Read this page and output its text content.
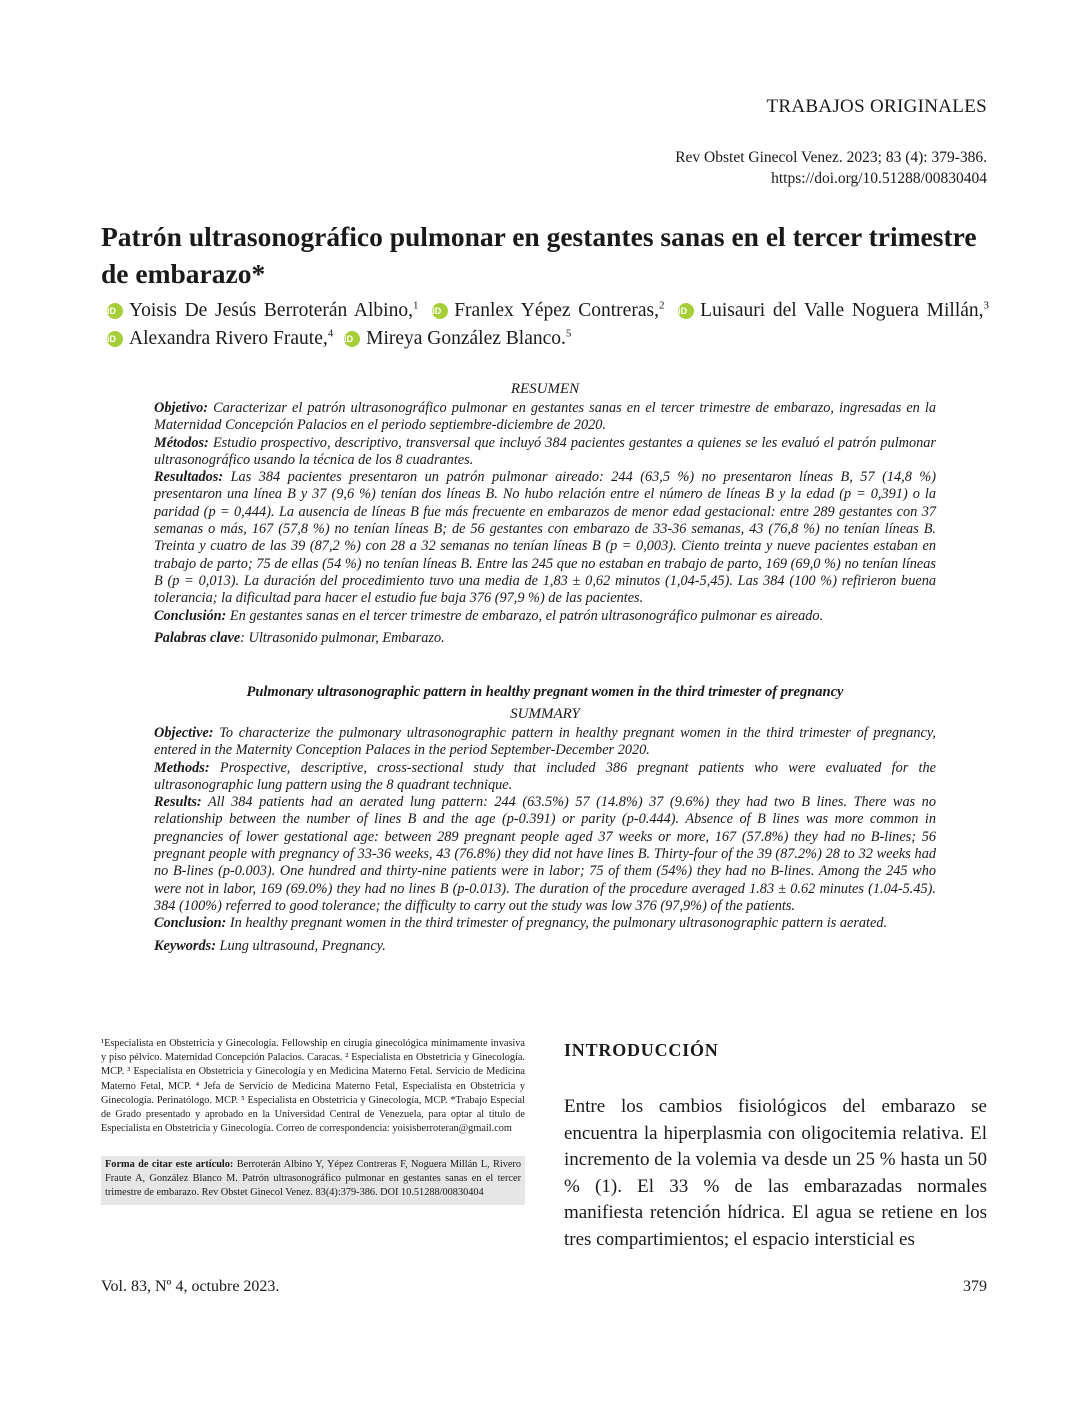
TRABAJOS ORIGINALES
Rev Obstet Ginecol Venez. 2023; 83 (4): 379-386.
https://doi.org/10.51288/00830404
Patrón ultrasonográfico pulmonar en gestantes sanas en el tercer trimestre de embarazo*
iD Yoisis De Jesús Berroterán Albino,$^1$ iD Franlex Yépez Contreras,$^2$ iD Luisauri del Valle Noguera Millán,$^3$ iD Alexandra Rivero Fraute,$^4$ iD Mireya González Blanco.$^5$
RESUMEN

Objetivo: Caracterizar el patrón ultrasonográfico pulmonar en gestantes sanas en el tercer trimestre de embarazo, ingresadas en la Maternidad Concepción Palacios en el periodo septiembre-diciembre de 2020.

Métodos: Estudio prospectivo, descriptivo, transversal que incluyó 384 pacientes gestantes a quienes se les evaluó el patrón pulmonar ultrasonográfico usando la técnica de los 8 cuadrantes.

Resultados: Las 384 pacientes presentaron un patrón pulmonar aireado: 244 (63,5 %) no presentaron líneas B, 57 (14,8 %) presentaron una línea B y 37 (9,6 %) tenían dos líneas B. No hubo relación entre el número de líneas B y la edad (p = 0,391) o la paridad (p = 0,444). La ausencia de líneas B fue más frecuente en embarazos de menor edad gestacional: entre 289 gestantes con 37 semanas o más, 167 (57,8 %) no tenían líneas B; de 56 gestantes con embarazo de 33-36 semanas, 43 (76,8 %) no tenían líneas B. Treinta y cuatro de las 39 (87,2 %) con 28 a 32 semanas no tenían líneas B (p = 0,003). Ciento treinta y nueve pacientes estaban en trabajo de parto; 75 de ellas (54 %) no tenían líneas B. Entre las 245 que no estaban en trabajo de parto, 169 (69,0 %) no tenían líneas B (p = 0,013). La duración del procedimiento tuvo una media de 1,83 ± 0,62 minutos (1,04-5,45). Las 384 (100 %) refirieron buena tolerancia; la dificultad para hacer el estudio fue baja 376 (97,9 %) de las pacientes.

Conclusión: En gestantes sanas en el tercer trimestre de embarazo, el patrón ultrasonográfico pulmonar es aireado.

Palabras clave: Ultrasonido pulmonar, Embarazo.

Pulmonary ultrasonographic pattern in healthy pregnant women in the third trimester of pregnancy
SUMMARY

Objective: To characterize the pulmonary ultrasonographic pattern in healthy pregnant women in the third trimester of pregnancy, entered in the Maternity Conception Palaces in the period September-December 2020.

Methods: Prospective, descriptive, cross-sectional study that included 386 pregnant patients who were evaluated for the ultrasonographic lung pattern using the 8 quadrant technique.

Results: All 384 patients had an aerated lung pattern: 244 (63.5%) 57 (14.8%) 37 (9.6%) they had two B lines. There was no relationship between the number of lines B and the age (p-0.391) or parity (p-0.444). Absence of B lines was more common in pregnancies of lower gestational age: between 289 pregnant people aged 37 weeks or more, 167 (57.8%) they had no B-lines; 56 pregnant people with pregnancy of 33-36 weeks, 43 (76.8%) they did not have lines B. Thirty-four of the 39 (87.2%) 28 to 32 weeks had no B-lines (p-0.003). One hundred and thirty-nine patients were in labor; 75 of them (54%) they had no B-lines. Among the 245 who were not in labor, 169 (69.0%) they had no lines B (p-0.013). The duration of the procedure averaged 1.83 ± 0.62 minutes (1.04-5.45). 384 (100%) referred to good tolerance; the difficulty to carry out the study was low 376 (97,9%) of the patients.

Conclusion: In healthy pregnant women in the third trimester of pregnancy, the pulmonary ultrasonographic pattern is aerated.

Keywords: Lung ultrasound, Pregnancy.

¹Especialista en Obstetricia y Ginecología. Fellowship en cirugía ginecológica mínimamente invasiva y piso pélvico. Maternidad Concepción Palacios. Caracas. ² Especialista en Obstetricia y Ginecología. MCP. ³ Especialista en Obstetricia y Ginecología y en Medicina Materno Fetal. Servicio de Medicina Materno Fetal, MCP. ⁴ Jefa de Servicio de Medicina Materno Fetal, Especialista en Obstetricia y Ginecología. Perinatólogo. MCP. ⁵ Especialista en Obstetricia y Ginecología, MCP. *Trabajo Especial de Grado presentado y aprobado en la Universidad Central de Venezuela, para optar al título de Especialista en Obstetricia y Ginecología. Correo de correspondencia: yoisisberroteran@gmail.com

Forma de citar este artículo: Berroterán Albino Y, Yépez Contreras F, Noguera Millán L, Rivero Fraute A, González Blanco M. Patrón ultrasonográfico pulmonar en gestantes sanas en el tercer trimestre de embarazo. Rev Obstet Ginecol Venez. 83(4):379-386. DOI 10.51288/00830404
INTRODUCCIÓN
Entre los cambios fisiológicos del embarazo se encuentra la hiperplasmia con oligocitemia relativa. El incremento de la volemia va desde un 25 % hasta un 50 % (1). El 33 % de las embarazadas normales manifiesta retención hídrica. El agua se retiene en los tres compartimientos; el espacio intersticial es
Vol. 83, Nº 4, octubre 2023.	379
